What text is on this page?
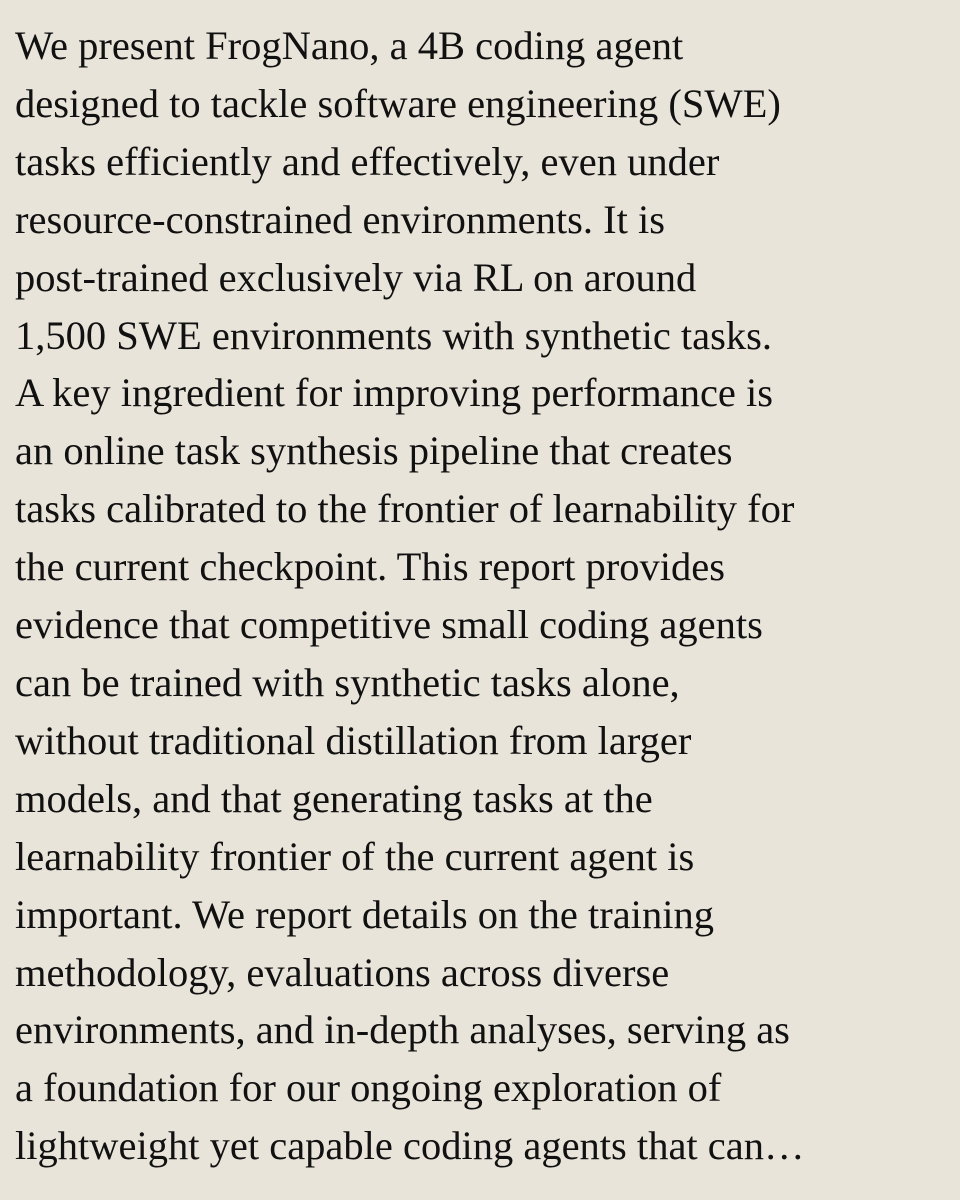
We present FrogNano, a 4B coding agent
designed to tackle software engineering (SWE)
tasks efficiently and effectively, even under
resource-constrained environments. It is
post-trained exclusively via RL on around
1,500 SWE environments with synthetic tasks.
A key ingredient for improving performance is
an online task synthesis pipeline that creates
tasks calibrated to the frontier of learnability for
the current checkpoint. This report provides
evidence that competitive small coding agents
can be trained with synthetic tasks alone,
without traditional distillation from larger
models, and that generating tasks at the
learnability frontier of the current agent is
important. We report details on the training
methodology, evaluations across diverse
environments, and in-depth analyses, serving as
a foundation for our ongoing exploration of
lightweight yet capable coding agents that can…
